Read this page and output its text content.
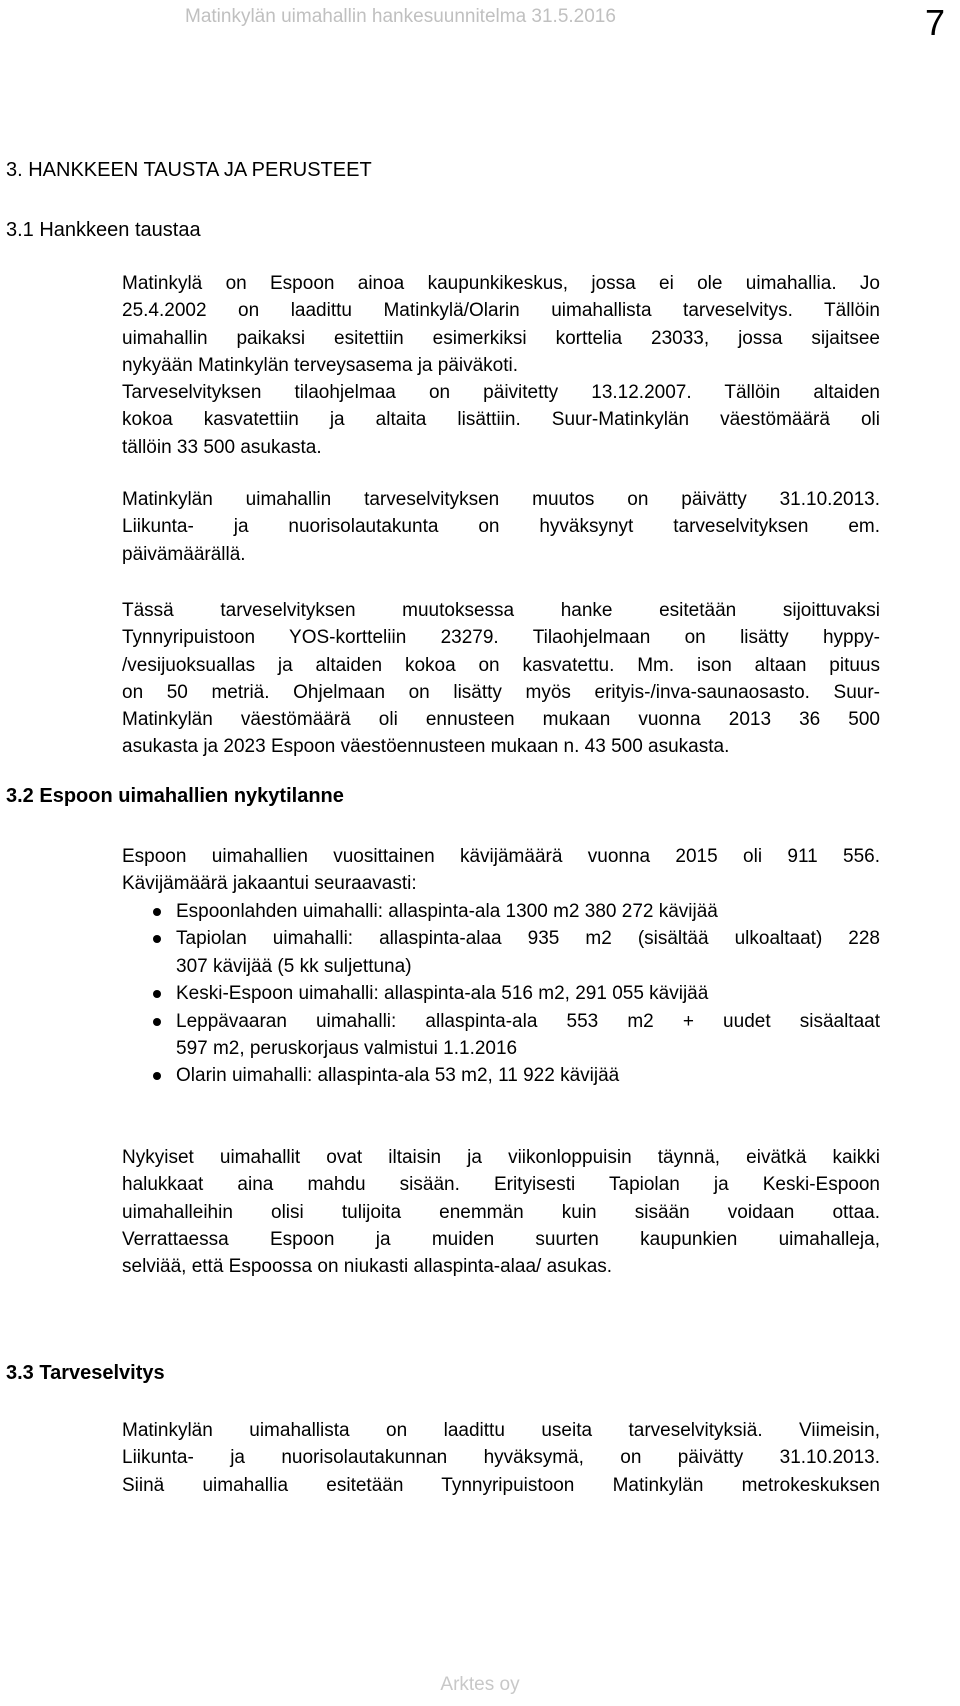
Matinkylän uimahallin hankesuunnitelma 31.5.2016	7
3. HANKKEEN TAUSTA JA PERUSTEET
3.1 Hankkeen taustaa

Matinkylä on Espoon ainoa kaupunkikeskus, jossa ei ole uimahallia. Jo
25.4.2002 on laadittu Matinkylä/Olarin uimahallista tarveselvitys. Tällöin
uimahallin paikaksi esitettiin esimerkiksi korttelia 23033, jossa sijaitsee
nykyään Matinkylän terveysasema ja päiväkoti.

Tarveselvityksen tilaohjelmaa on päivitetty 13.12.2007. Tällöin altaiden
kokoa kasvatettiin ja altaita lisättiin. Suur-Matinkylän väestömäärä oli
tällöin 33 500 asukasta.

Matinkylän uimahallin tarveselvityksen muutos on päivätty 31.10.2013.
Liikunta- ja nuorisolautakunta on hyväksynyt tarveselvityksen em.
päivämäärällä.

Tässä tarveselvityksen muutoksessa hanke esitetään sijoittuvaksi
Tynnyripuistoon YOS-kortteliin 23279. Tilaohjelmaan on lisätty hyppy-
/vesijuoksuallas ja altaiden kokoa on kasvatettu. Mm. ison altaan pituus
on 50 metriä. Ohjelmaan on lisätty myös erityis-/inva-saunaosasto. Suur-
Matinkylän väestömäärä oli ennusteen mukaan vuonna 2013 36 500
asukasta ja 2023 Espoon väestöennusteen mukaan n. 43 500 asukasta.

3.2 Espoon uimahallien nykytilanne

Espoon uimahallien vuosittainen kävijämäärä vuonna 2015 oli 911 556.
Kävijämäärä jakaantui seuraavasti:

Espoonlahden uimahalli: allaspinta-ala 1300 m2 380 272 kävijää
Tapiolan uimahalli: allaspinta-alaa 935 m2 (sisältää ulkoaltaat) 228
307 kävijää (5 kk suljettuna)
Keski-Espoon uimahalli: allaspinta-ala 516 m2, 291 055 kävijää
Leppävaaran uimahalli: allaspinta-ala 553 m2 + uudet sisäaltaat
597 m2, peruskorjaus valmistui 1.1.2016
Olarin uimahalli: allaspinta-ala 53 m2, 11 922 kävijää

Nykyiset uimahallit ovat iltaisin ja viikonloppuisin täynnä, eivätkä kaikki
halukkaat aina mahdu sisään. Erityisesti Tapiolan ja Keski-Espoon
uimahalleihin olisi tulijoita enemmän kuin sisään voidaan ottaa.
Verrattaessa Espoon ja muiden suurten kaupunkien uimahalleja,
selviää, että Espoossa on niukasti allaspinta-alaa/ asukas.

3.3 Tarveselvitys

Matinkylän uimahallista on laadittu useita tarveselvityksiä. Viimeisin,
Liikunta- ja nuorisolautakunnan hyväksymä, on päivätty 31.10.2013.
Siinä uimahallia esitetään Tynnyripuistoon Matinkylän metrokeskuksen

Arktes oy
